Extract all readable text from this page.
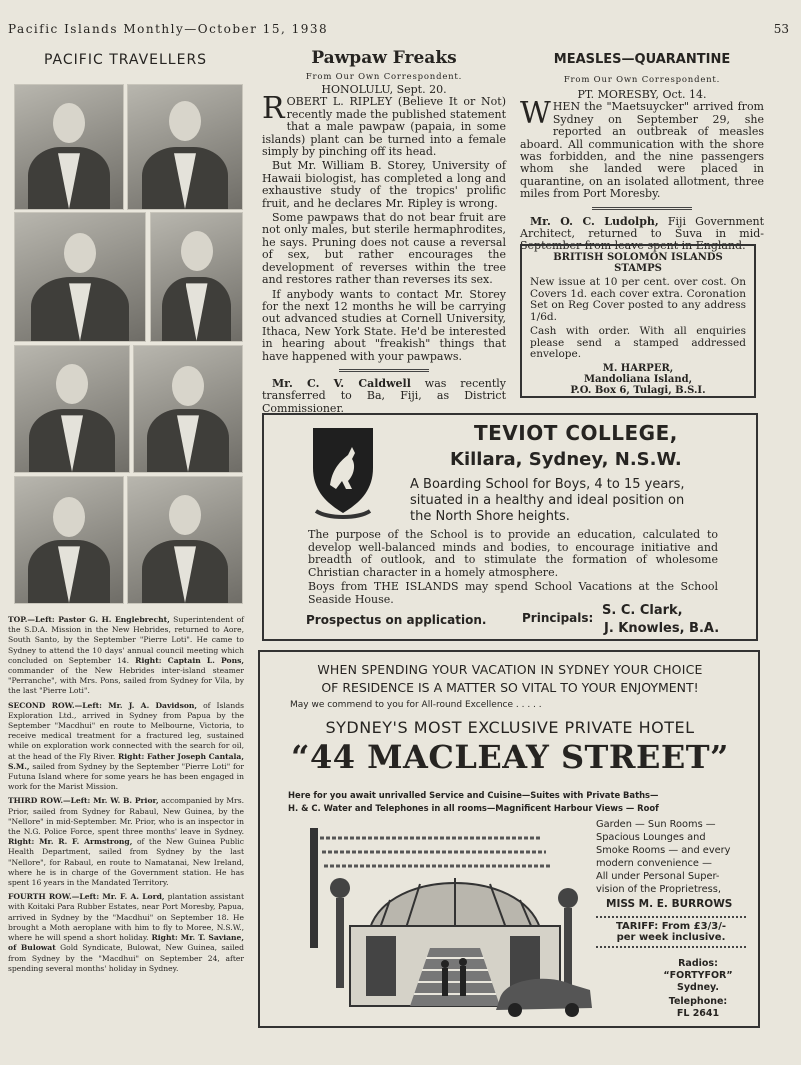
Pacific Islands Monthly—October 15, 1938	53
PACIFIC TRAVELLERS

TOP.—Left: Pastor G. H. Englebrecht, Superintendent of the S.D.A. Mission in the New Hebrides, returned to Aore, South Santo, by the September "Pierre Loti". He came to Sydney to attend the 10 days' annual council meeting which concluded on September 14. Right: Captain L. Pons, commander of the New Hebrides inter-island steamer "Perranche", with Mrs. Pons, sailed from Sydney for Vila, by the last "Pierre Loti".

SECOND ROW.—Left: Mr. J. A. Davidson, of Islands Exploration Ltd., arrived in Sydney from Papua by the September "Macdhui" en route to Melbourne, Victoria, to receive medical treatment for a fractured leg, sustained while on exploration work connected with the search for oil, at the head of the Fly River. Right: Father Joseph Cantala, S.M., sailed from Sydney by the September "Pierre Loti" for Futuna Island where for some years he has been engaged in work for the Marist Mission.

THIRD ROW.—Left: Mr. W. B. Prior, accompanied by Mrs. Prior, sailed from Sydney for Rabaul, New Guinea, by the "Nellore" in mid-September. Mr. Prior, who is an inspector in the N.G. Police Force, spent three months' leave in Sydney. Right: Mr. R. F. Armstrong, of the New Guinea Public Health Department, sailed from Sydney by the last "Nellore", for Rabaul, en route to Namatanai, New Ireland, where he is in charge of the Government station. He has spent 16 years in the Mandated Territory.

FOURTH ROW.—Left: Mr. F. A. Lord, plantation assistant with Koitaki Para Rubber Estates, near Port Moresby, Papua, arrived in Sydney by the "Macdhui" on September 18. He brought a Moth aeroplane with him to fly to Moree, N.S.W., where he will spend a short holiday. Right: Mr. T. Saviane, of Bulowat Gold Syndicate, Bulowat, New Guinea, sailed from Sydney by the "Macdhui" on September 24, after spending several months' holiday in Sydney.

Pawpaw Freaks
From Our Own Correspondent.
HONOLULU, Sept. 20.

ROBERT L. RIPLEY (Believe It or Not) recently made the published statement that a male pawpaw (papaia, in some islands) plant can be turned into a female simply by pinching off its head.

But Mr. William B. Storey, University of Hawaii biologist, has completed a long and exhaustive study of the tropics' prolific fruit, and he declares Mr. Ripley is wrong.

Some pawpaws that do not bear fruit are not only males, but sterile hermaphrodites, he says. Pruning does not cause a reversal of sex, but rather encourages the development of reverses within the tree and restores rather than reverses its sex.

If anybody wants to contact Mr. Storey for the next 12 months he will be carrying out advanced studies at Cornell University, Ithaca, New York State. He'd be interested in hearing about "freakish" things that have happened with your pawpaws.

Mr. C. V. Caldwell was recently transferred to Ba, Fiji, as District Commissioner.

MEASLES—QUARANTINE
From Our Own Correspondent.
PT. MORESBY, Oct. 14.

WHEN the "Maetsuycker" arrived from Sydney on September 29, she reported an outbreak of measles aboard. All communication with the shore was forbidden, and the nine passengers whom she landed were placed in quarantine, on an isolated allotment, three miles from Port Moresby.

Mr. O. C. Ludolph, Fiji Government Architect, returned to Suva in mid-September from leave spent in England.

BRITISH SOLOMON ISLANDS
STAMPS
New issue at 10 per cent. over cost. On Covers 1d. each cover extra. Coronation Set on Reg Cover posted to any address 1/6d.
Cash with order. With all enquiries please send a stamped addressed envelope.
M. HARPER,
Mandoliana Island,
P.O. Box 6, Tulagi, B.S.I.
TEVIOT COLLEGE,
Killara, Sydney, N.S.W.
A Boarding School for Boys, 4 to 15 years,
situated in a healthy and ideal position on
the North Shore heights.
The purpose of the School is to provide an education, calculated to develop well-balanced minds and bodies, to encourage initiative and breadth of outlook, and to stimulate the formation of wholesome Christian character in a homely atmosphere.
Boys from THE ISLANDS may spend School Vacations at the School Seaside House.
Prospectus on application.	Principals: S. C. Clark,
J. Knowles, B.A.
WHEN SPENDING YOUR VACATION IN SYDNEY YOUR CHOICE
OF RESIDENCE IS A MATTER SO VITAL TO YOUR ENJOYMENT!
May we commend to you for All-round Excellence . . . . .
SYDNEY'S MOST EXCLUSIVE PRIVATE HOTEL
“44 MACLEAY STREET”
Here for you await unrivalled Service and Cuisine—Suites with Private Baths—
H. & C. Water and Telephones in all rooms—Magnificent Harbour Views — Roof
Garden — Sun Rooms —
Spacious Lounges and
Smoke Rooms — and every
modern convenience —
All under Personal Super-
vision of the Proprietress,
MISS M. E. BURROWS
TARIFF: From £3/3/-
per week inclusive.
Radios:
“FORTYFOR”
Sydney.
Telephone:
FL 2641
